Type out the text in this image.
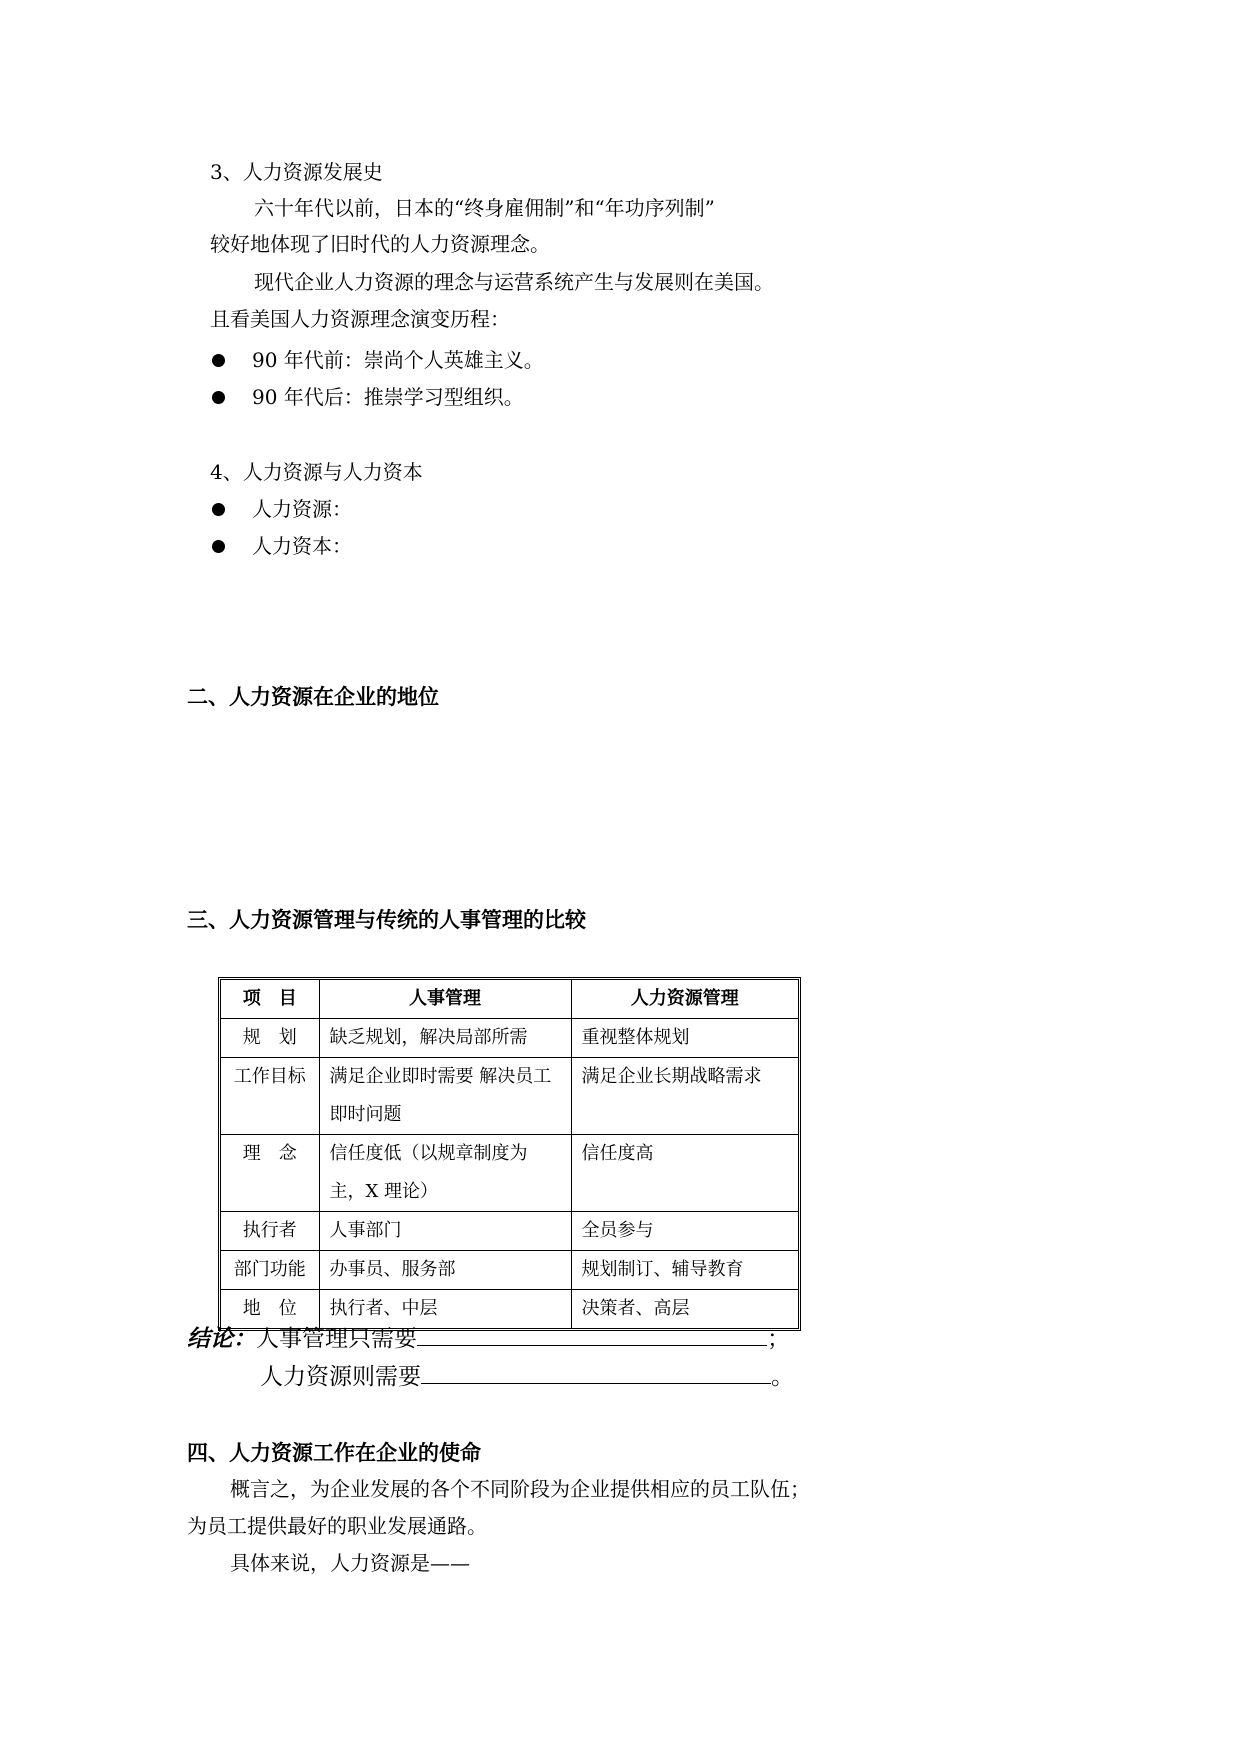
3、人力资源发展史
六十年代以前，日本的“终身雇佣制”和“年功序列制”
较好地体现了旧时代的人力资源理念。
现代企业人力资源的理念与运营系统产生与发展则在美国。
且看美国人力资源理念演变历程：
90 年代前：崇尚个人英雄主义。
90 年代后：推崇学习型组织。
4、人力资源与人力资本
人力资源：
人力资本：
二、人力资源在企业的地位
三、人力资源管理与传统的人事管理的比较
项　目	人事管理	人力资源管理
规　划	缺乏规划，解决局部所需	重视整体规划
工作目标	满足企业即时需要 解决员工即时问题	满足企业长期战略需求
理　念	信任度低（以规章制度为主，X 理论）	信任度高
执行者	人事部门	全员参与
部门功能	办事员、服务部	规划制订、辅导教育
地　位	执行者、中层	决策者、高层
结论：人事管理只需要	；
人力资源则需要	。
四、人力资源工作在企业的使命
概言之，为企业发展的各个不同阶段为企业提供相应的员工队伍；
为员工提供最好的职业发展通路。
具体来说，人力资源是——
